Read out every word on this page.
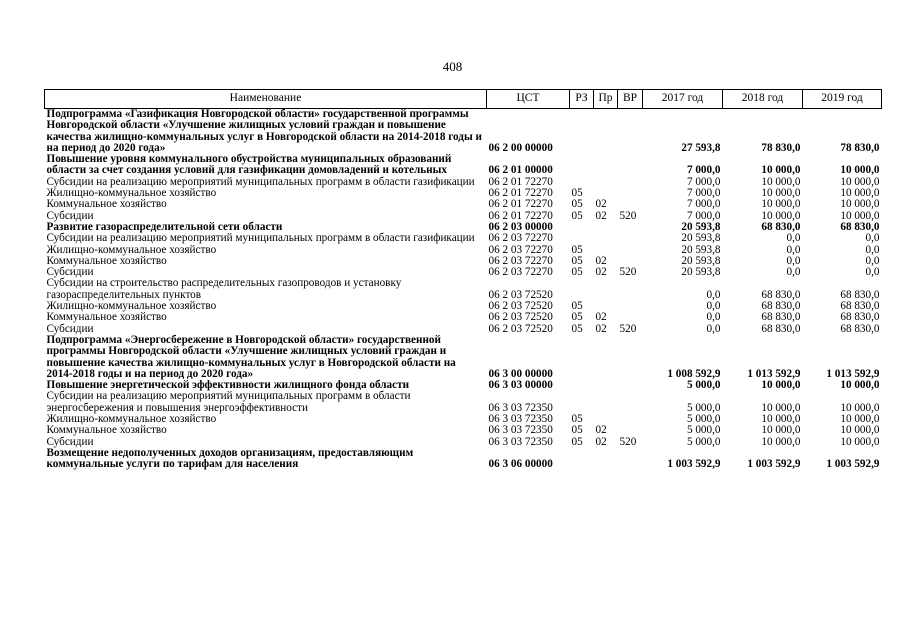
408
Наименование	ЦСТ	РЗ	Пр	ВР	2017 год	2018 год	2019 год
Подпрограмма «Газификация Новгородской области» государственной программы Новгородской области «Улучшение жилищных условий граждан и повышение качества жилищно-коммунальных услуг в Новгородской области на 2014-2018 годы и на период до 2020 года»	06 2 00 00000				27 593,8	78 830,0	78 830,0
Повышение уровня коммунального обустройства муниципальных образований области за счет создания условий для газификации домовладений и котельных	06 2 01 00000				7 000,0	10 000,0	10 000,0
Субсидии на реализацию мероприятий муниципальных программ в области газификации	06 2 01 72270				7 000,0	10 000,0	10 000,0
Жилищно-коммунальное хозяйство	06 2 01 72270	05			7 000,0	10 000,0	10 000,0
Коммунальное хозяйство	06 2 01 72270	05	02		7 000,0	10 000,0	10 000,0
Субсидии	06 2 01 72270	05	02	520	7 000,0	10 000,0	10 000,0
Развитие газораспределительной сети области	06 2 03 00000				20 593,8	68 830,0	68 830,0
Субсидии на реализацию мероприятий муниципальных программ в области газификации	06 2 03 72270				20 593,8	0,0	0,0
Жилищно-коммунальное хозяйство	06 2 03 72270	05			20 593,8	0,0	0,0
Коммунальное хозяйство	06 2 03 72270	05	02		20 593,8	0,0	0,0
Субсидии	06 2 03 72270	05	02	520	20 593,8	0,0	0,0
Субсидии на строительство распределительных газопроводов и установку газораспределительных пунктов	06 2 03 72520				0,0	68 830,0	68 830,0
Жилищно-коммунальное хозяйство	06 2 03 72520	05			0,0	68 830,0	68 830,0
Коммунальное хозяйство	06 2 03 72520	05	02		0,0	68 830,0	68 830,0
Субсидии	06 2 03 72520	05	02	520	0,0	68 830,0	68 830,0
Подпрограмма «Энергосбережение в Новгородской области» государственной программы Новгородской области «Улучшение жилищных условий граждан и повышение качества жилищно-коммунальных услуг в Новгородской области на 2014-2018 годы и на период до 2020 года»	06 3 00 00000				1 008 592,9	1 013 592,9	1 013 592,9
Повышение энергетической эффективности жилищного фонда области	06 3 03 00000				5 000,0	10 000,0	10 000,0
Субсидии на реализацию мероприятий муниципальных программ в области энергосбережения и повышения энергоэффективности	06 3 03 72350				5 000,0	10 000,0	10 000,0
Жилищно-коммунальное хозяйство	06 3 03 72350	05			5 000,0	10 000,0	10 000,0
Коммунальное хозяйство	06 3 03 72350	05	02		5 000,0	10 000,0	10 000,0
Субсидии	06 3 03 72350	05	02	520	5 000,0	10 000,0	10 000,0
Возмещение недополученных доходов организациям, предоставляющим коммунальные услуги по тарифам для населения	06 3 06 00000				1 003 592,9	1 003 592,9	1 003 592,9
